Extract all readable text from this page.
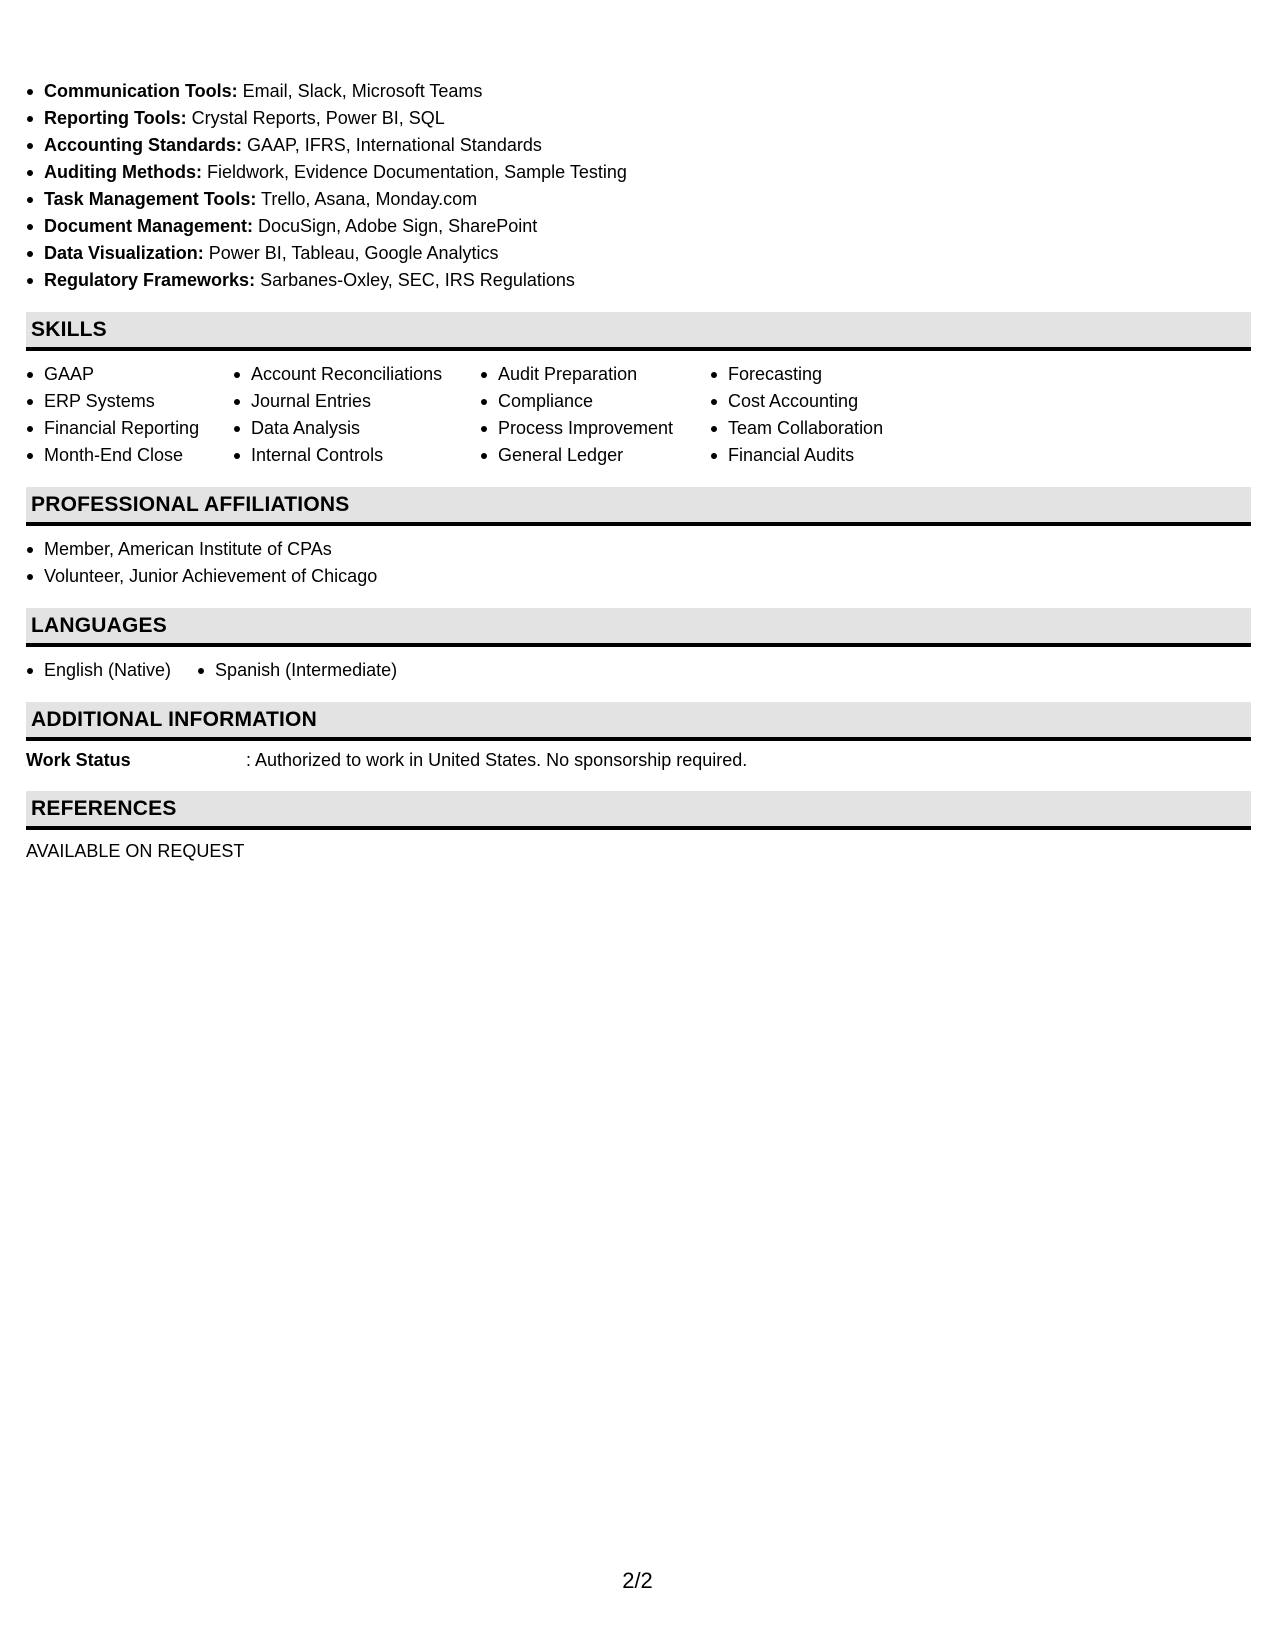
Communication Tools: Email, Slack, Microsoft Teams
Reporting Tools: Crystal Reports, Power BI, SQL
Accounting Standards: GAAP, IFRS, International Standards
Auditing Methods: Fieldwork, Evidence Documentation, Sample Testing
Task Management Tools: Trello, Asana, Monday.com
Document Management: DocuSign, Adobe Sign, SharePoint
Data Visualization: Power BI, Tableau, Google Analytics
Regulatory Frameworks: Sarbanes-Oxley, SEC, IRS Regulations
SKILLS
GAAP
ERP Systems
Financial Reporting
Month-End Close
Account Reconciliations
Journal Entries
Data Analysis
Internal Controls
Audit Preparation
Compliance
Process Improvement
General Ledger
Forecasting
Cost Accounting
Team Collaboration
Financial Audits
PROFESSIONAL AFFILIATIONS
Member, American Institute of CPAs
Volunteer, Junior Achievement of Chicago
LANGUAGES
English (Native)	Spanish (Intermediate)
ADDITIONAL INFORMATION
Work Status	: Authorized to work in United States. No sponsorship required.
REFERENCES
AVAILABLE ON REQUEST
2/2
